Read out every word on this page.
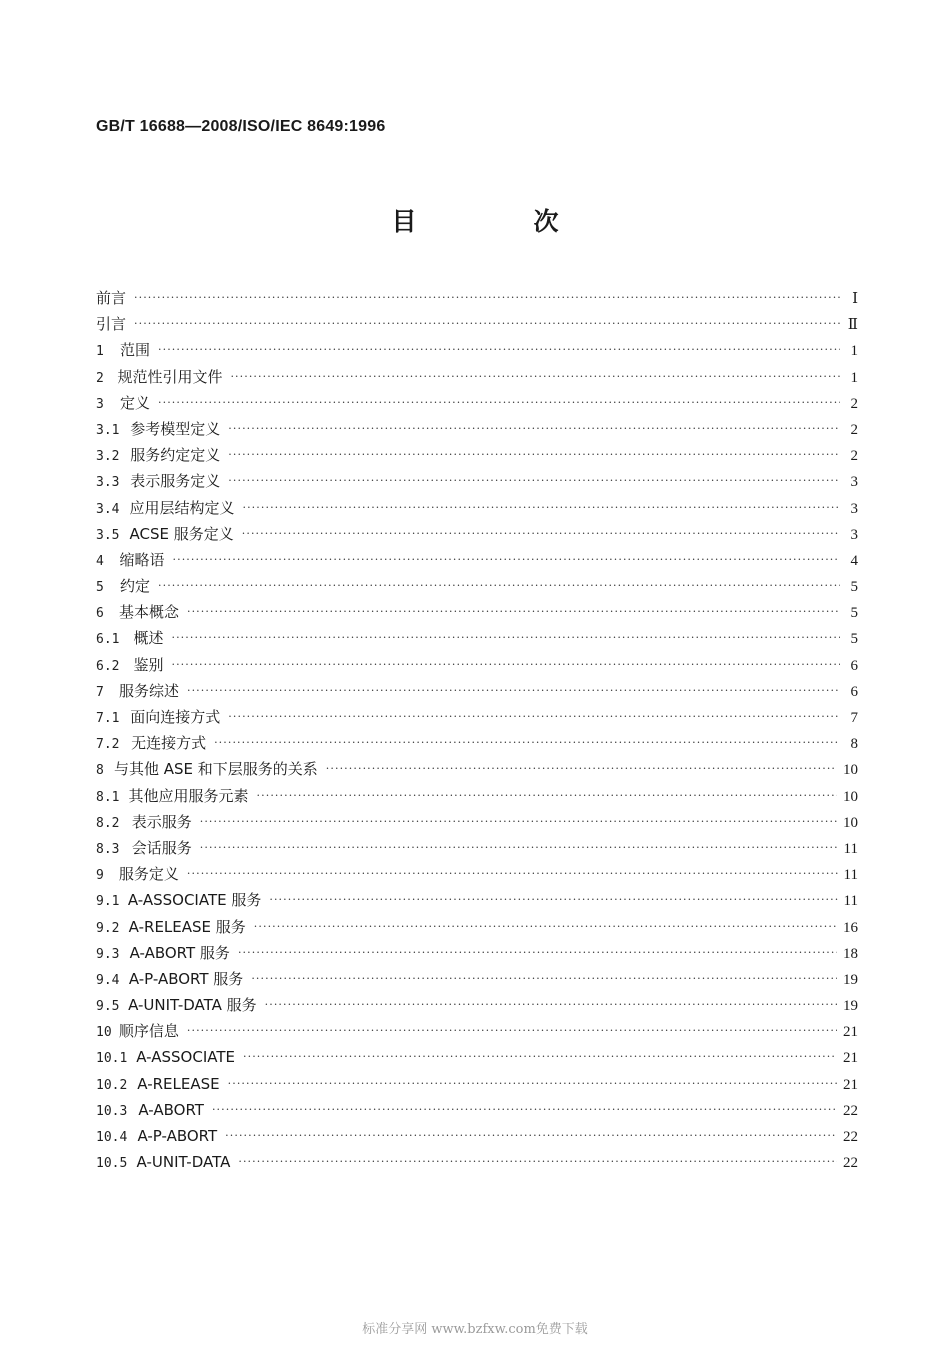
GB/T 16688—2008/ISO/IEC 8649:1996
目　次
前言 ·····	Ⅰ
引言 ·····	Ⅱ
1	范围 ·····	1
2 规范性引用文件 ·····	1
3	定义 ·····	2
3.1 参考模型定义 ·····	2
3.2 服务约定定义 ·····	2
3.3 表示服务定义 ·····	3
3.4 应用层结构定义 ·····	3
3.5 ACSE 服务定义 ·····	3
4	缩略语 ·····	4
5	约定 ·····	5
6	基本概念 ·····	5
6.1 概述 ·····	5
6.2 鉴别 ·····	6
7	服务综述 ·····	6
7.1 面向连接方式 ·····	7
7.2 无连接方式 ·····	8
8 与其他 ASE 和下层服务的关系 ·····	10
8.1 其他应用服务元素 ·····	10
8.2 表示服务 ·····	10
8.3 会话服务 ·····	11
9	服务定义 ·····	11
9.1 A-ASSOCIATE 服务 ·····	11
9.2 A-RELEASE 服务 ·····	16
9.3 A-ABORT 服务 ·····	18
9.4 A-P-ABORT 服务 ·····	19
9.5 A-UNIT-DATA 服务 ·····	19
10 顺序信息 ·····	21
10.1 A-ASSOCIATE ·····	21
10.2 A-RELEASE ·····	21
10.3 A-ABORT ·····	22
10.4 A-P-ABORT ·····	22
10.5 A-UNIT-DATA ·····	22
标准分享网 www.bzfxw.com免费下载
